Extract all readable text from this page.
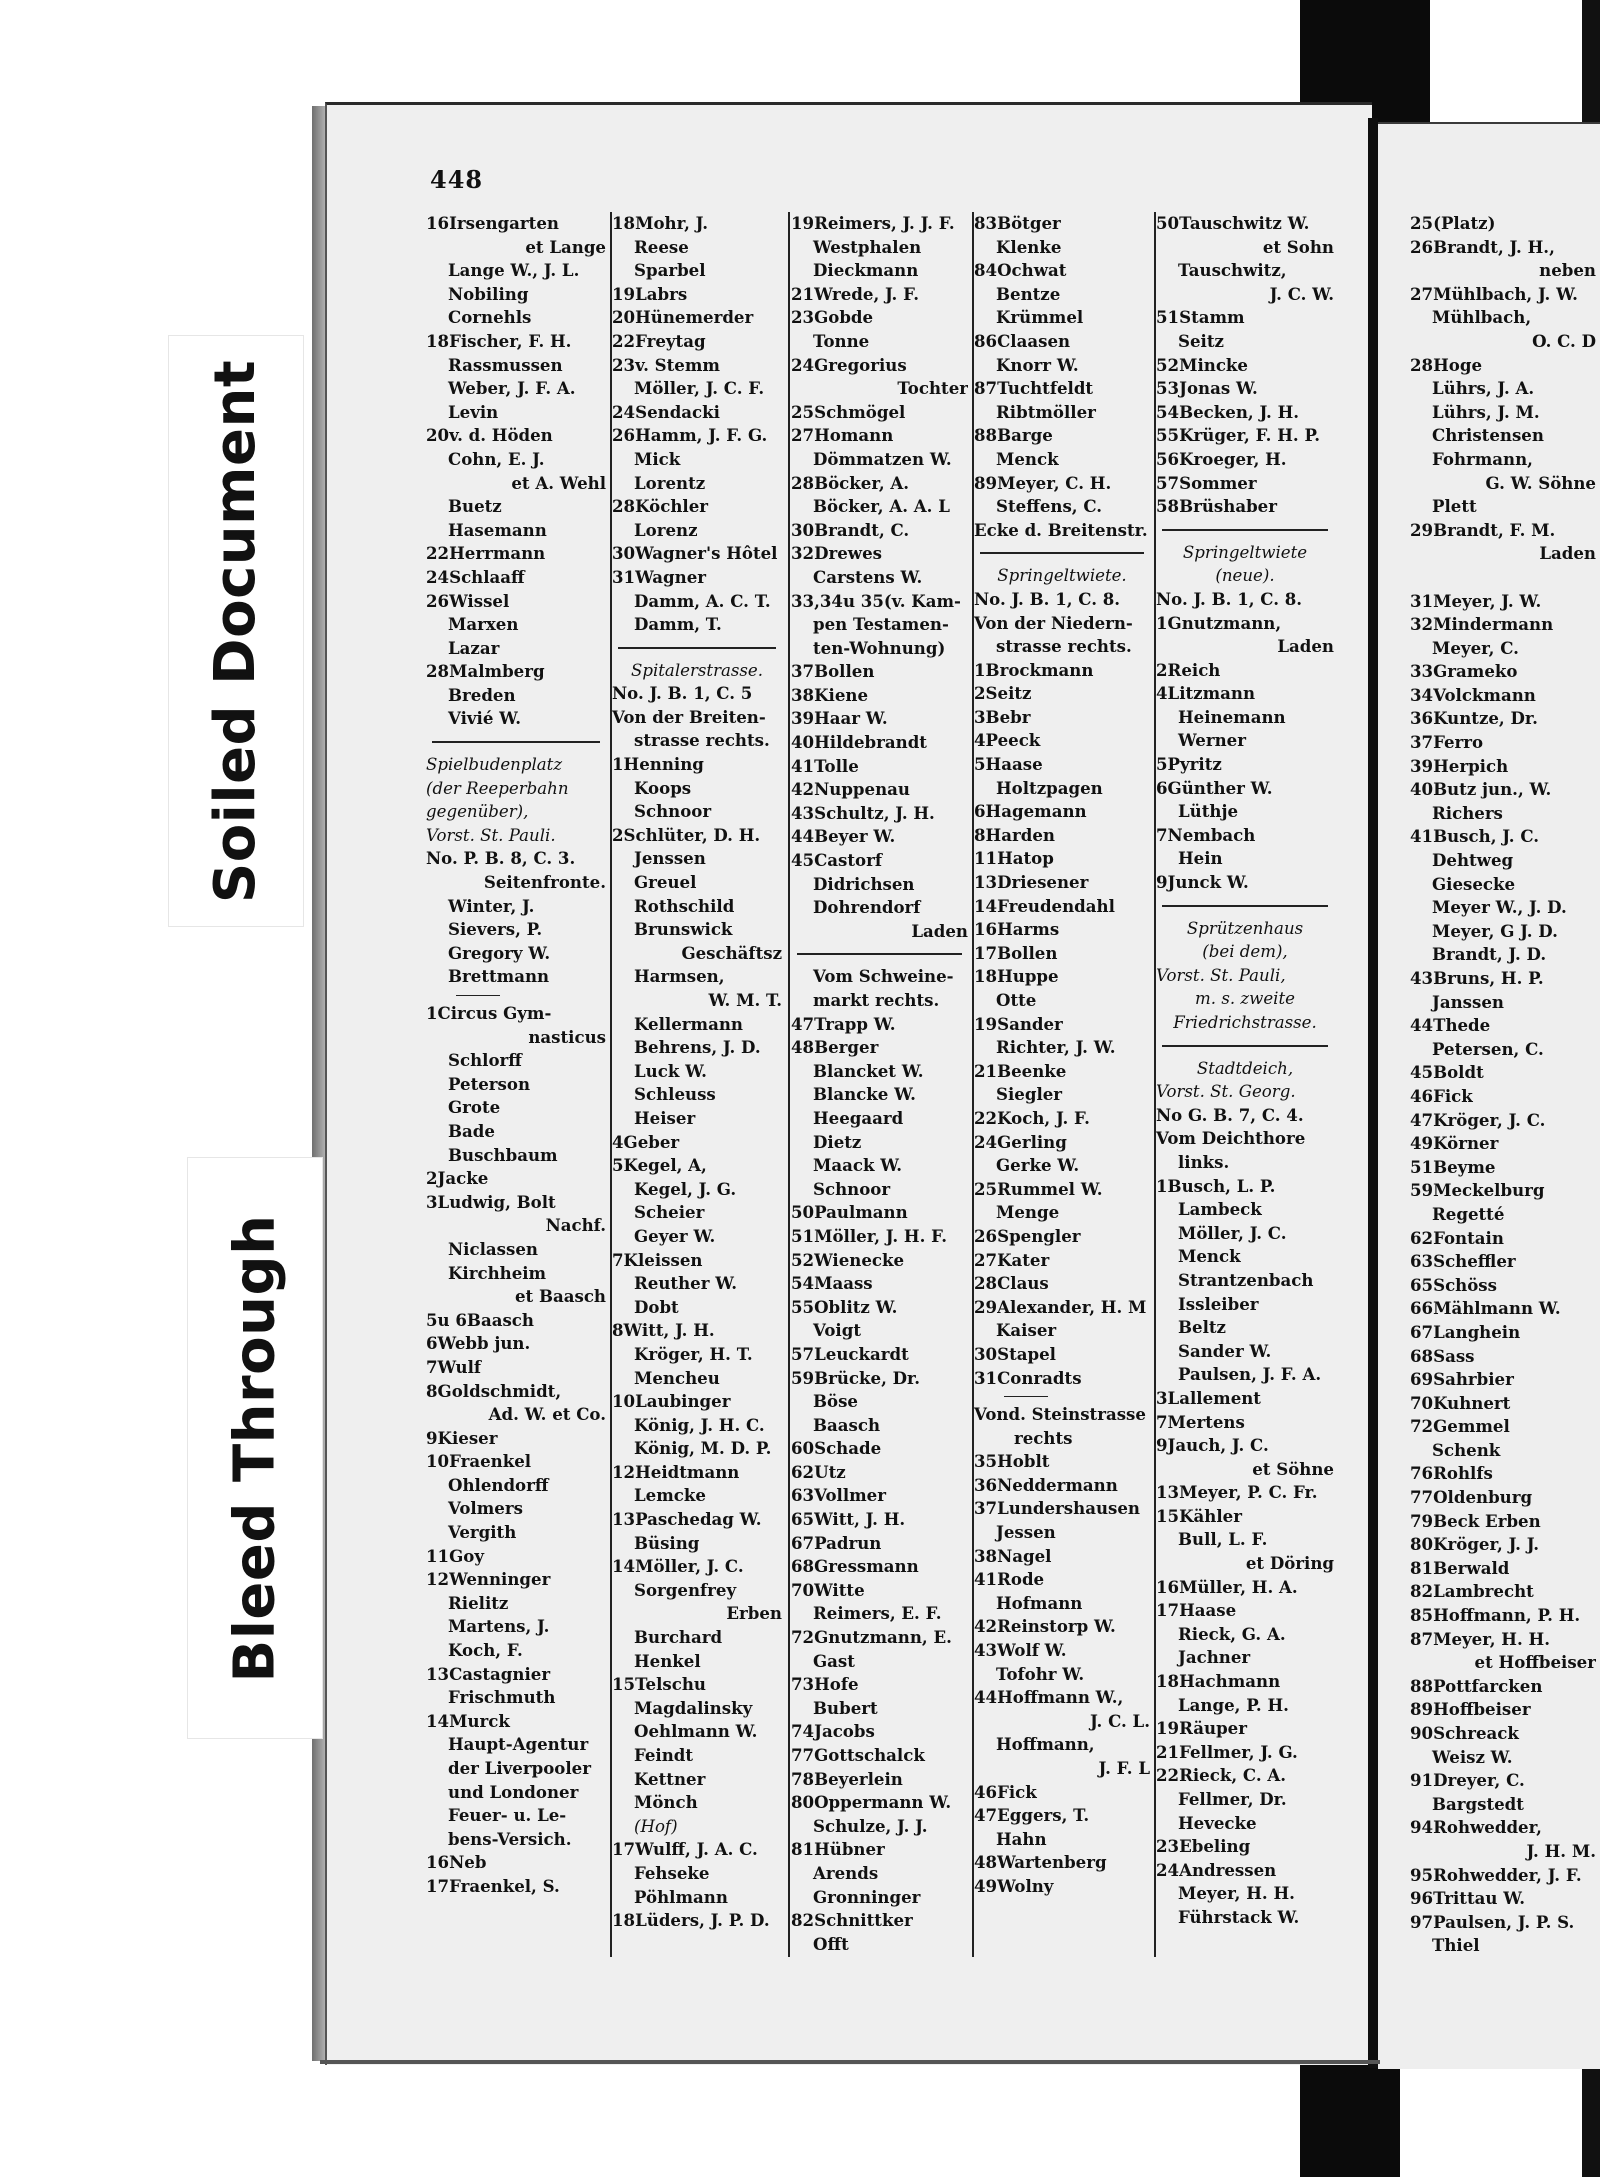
448
16Irsengarten
et Lange
Lange W., J. L.
Nobiling
Cornehls
18Fischer, F. H.
Rassmussen
Weber, J. F. A.
Levin
20v. d. Höden
Cohn, E. J.
et A. Wehl
Buetz
Hasemann
22Herrmann
24Schlaaff
26Wissel
Marxen
Lazar
28Malmberg
Breden
Vivié W.
Spielbudenplatz
(der Reeperbahn
gegenüber),
Vorst. St. Pauli.
No. P. B. 8, C. 3.
Seitenfronte.
Winter, J.
Sievers, P.
Gregory W.
Brettmann
1Circus Gym-
nasticus
Schlorff
Peterson
Grote
Bade
Buschbaum
2Jacke
3Ludwig, Bolt
Nachf.
Niclassen
Kirchheim
et Baasch
5u 6Baasch
6Webb jun.
7Wulf
8Goldschmidt,
Ad. W. et Co.
9Kieser
10Fraenkel
Ohlendorff
Volmers
Vergith
11Goy
12Wenninger
Rielitz
Martens, J.
Koch, F.
13Castagnier
Frischmuth
14Murck
Haupt-Agentur
der Liverpooler
und Londoner
Feuer- u. Le-
bens-Versich.
16Neb
17Fraenkel, S.
18Mohr, J.
Reese
Sparbel
19Labrs
20Hünemerder
22Freytag
23v. Stemm
Möller, J. C. F.
24Sendacki
26Hamm, J. F. G.
Mick
Lorentz
28Köchler
Lorenz
30Wagner's Hôtel
31Wagner
Damm, A. C. T.
Damm, T.
Spitalerstrasse.
No. J. B. 1, C. 5
Von der Breiten-
strasse rechts.
1Henning
Koops
Schnoor
2Schlüter, D. H.
Jenssen
Greuel
Rothschild
Brunswick
Geschäftsz
Harmsen,
W. M. T.
Kellermann
Behrens, J. D.
Luck W.
Schleuss
Heiser
4Geber
5Kegel, A,
Kegel, J. G.
Scheier
Geyer W.
7Kleissen
Reuther W.
Dobt
8Witt, J. H.
Kröger, H. T.
Mencheu
10Laubinger
König, J. H. C.
König, M. D. P.
12Heidtmann
Lemcke
13Paschedag W.
Büsing
14Möller, J. C.
Sorgenfrey
Erben
Burchard
Henkel
15Telschu
Magdalinsky
Oehlmann W.
Feindt
Kettner
Mönch
(Hof)
17Wulff, J. A. C.
Fehseke
Pöhlmann
18Lüders, J. P. D.
19Reimers, J. J. F.
Westphalen
Dieckmann
21Wrede, J. F.
23Gobde
Tonne
24Gregorius
Tochter
25Schmögel
27Homann
Dömmatzen W.
28Böcker, A.
Böcker, A. A. L
30Brandt, C.
32Drewes
Carstens W.
33,34u 35(v. Kam-
pen Testamen-
ten-Wohnung)
37Bollen
38Kiene
39Haar W.
40Hildebrandt
41Tolle
42Nuppenau
43Schultz, J. H.
44Beyer W.
45Castorf
Didrichsen
Dohrendorf
Laden
Vom Schweine-
markt rechts.
47Trapp W.
48Berger
Blancket W.
Blancke W.
Heegaard
Dietz
Maack W.
Schnoor
50Paulmann
51Möller, J. H. F.
52Wienecke
54Maass
55Oblitz W.
Voigt
57Leuckardt
59Brücke, Dr.
Böse
Baasch
60Schade
62Utz
63Vollmer
65Witt, J. H.
67Padrun
68Gressmann
70Witte
Reimers, E. F.
72Gnutzmann, E.
Gast
73Hofe
Bubert
74Jacobs
77Gottschalck
78Beyerlein
80Oppermann W.
Schulze, J. J.
81Hübner
Arends
Gronninger
82Schnittker
Offt
83Bötger
Klenke
84Ochwat
Bentze
Krümmel
86Claasen
Knorr W.
87Tuchtfeldt
Ribtmöller
88Barge
Menck
89Meyer, C. H.
Steffens, C.
Ecke d. Breitenstr.
Springeltwiete.
No. J. B. 1, C. 8.
Von der Niedern-
strasse rechts.
1Brockmann
2Seitz
3Bebr
4Peeck
5Haase
Holtzpagen
6Hagemann
8Harden
11Hatop
13Driesener
14Freudendahl
16Harms
17Bollen
18Huppe
Otte
19Sander
Richter, J. W.
21Beenke
Siegler
22Koch, J. F.
24Gerling
Gerke W.
25Rummel W.
Menge
26Spengler
27Kater
28Claus
29Alexander, H. M
Kaiser
30Stapel
31Conradts
Vond. Steinstrasse
rechts
35Hoblt
36Neddermann
37Lundershausen
Jessen
38Nagel
41Rode
Hofmann
42Reinstorp W.
43Wolf W.
Tofohr W.
44Hoffmann W.,
J. C. L.
Hoffmann,
J. F. L
46Fick
47Eggers, T.
Hahn
48Wartenberg
49Wolny
50Tauschwitz W.
et Sohn
Tauschwitz,
J. C. W.
51Stamm
Seitz
52Mincke
53Jonas W.
54Becken, J. H.
55Krüger, F. H. P.
56Kroeger, H.
57Sommer
58Brüshaber
Springeltwiete
(neue).
No. J. B. 1, C. 8.
1Gnutzmann,
Laden
2Reich
4Litzmann
Heinemann
Werner
5Pyritz
6Günther W.
Lüthje
7Nembach
Hein
9Junck W.
Sprützenhaus
(bei dem),
Vorst. St. Pauli,
m. s. zweite
Friedrichstrasse.
Stadtdeich,
Vorst. St. Georg.
No G. B. 7, C. 4.
Vom Deichthore
links.
1Busch, L. P.
Lambeck
Möller, J. C.
Menck
Strantzenbach
Issleiber
Beltz
Sander W.
Paulsen, J. F. A.
3Lallement
7Mertens
9Jauch, J. C.
et Söhne
13Meyer, P. C. Fr.
15Kähler
Bull, L. F.
et Döring
16Müller, H. A.
17Haase
Rieck, G. A.
Jachner
18Hachmann
Lange, P. H.
19Räuper
21Fellmer, J. G.
22Rieck, C. A.
Fellmer, Dr.
Hevecke
23Ebeling
24Andressen
Meyer, H. H.
Führstack W.
25(Platz)
26Brandt, J. H.,
neben
27Mühlbach, J. W.
Mühlbach,
O. C. D
28Hoge
Lührs, J. A.
Lührs, J. M.
Christensen
Fohrmann,
G. W. Söhne
Plett
29Brandt, F. M.
Laden
31Meyer, J. W.
32Mindermann
Meyer, C.
33Grameko
34Volckmann
36Kuntze, Dr.
37Ferro
39Herpich
40Butz jun., W.
Richers
41Busch, J. C.
Dehtweg
Giesecke
Meyer W., J. D.
Meyer, G J. D.
Brandt, J. D.
43Bruns, H. P.
Janssen
44Thede
Petersen, C.
45Boldt
46Fick
47Kröger, J. C.
49Körner
51Beyme
59Meckelburg
Regetté
62Fontain
63Scheffler
65Schöss
66Mählmann W.
67Langhein
68Sass
69Sahrbier
70Kuhnert
72Gemmel
Schenk
76Rohlfs
77Oldenburg
79Beck Erben
80Kröger, J. J.
81Berwald
82Lambrecht
85Hoffmann, P. H.
87Meyer, H. H.
et Hoffbeiser
88Pottfarcken
89Hoffbeiser
90Schreack
Weisz W.
91Dreyer, C.
Bargstedt
94Rohwedder,
J. H. M.
95Rohwedder, J. F.
96Trittau W.
97Paulsen, J. P. S.
Thiel
Soiled Document
Bleed Through
